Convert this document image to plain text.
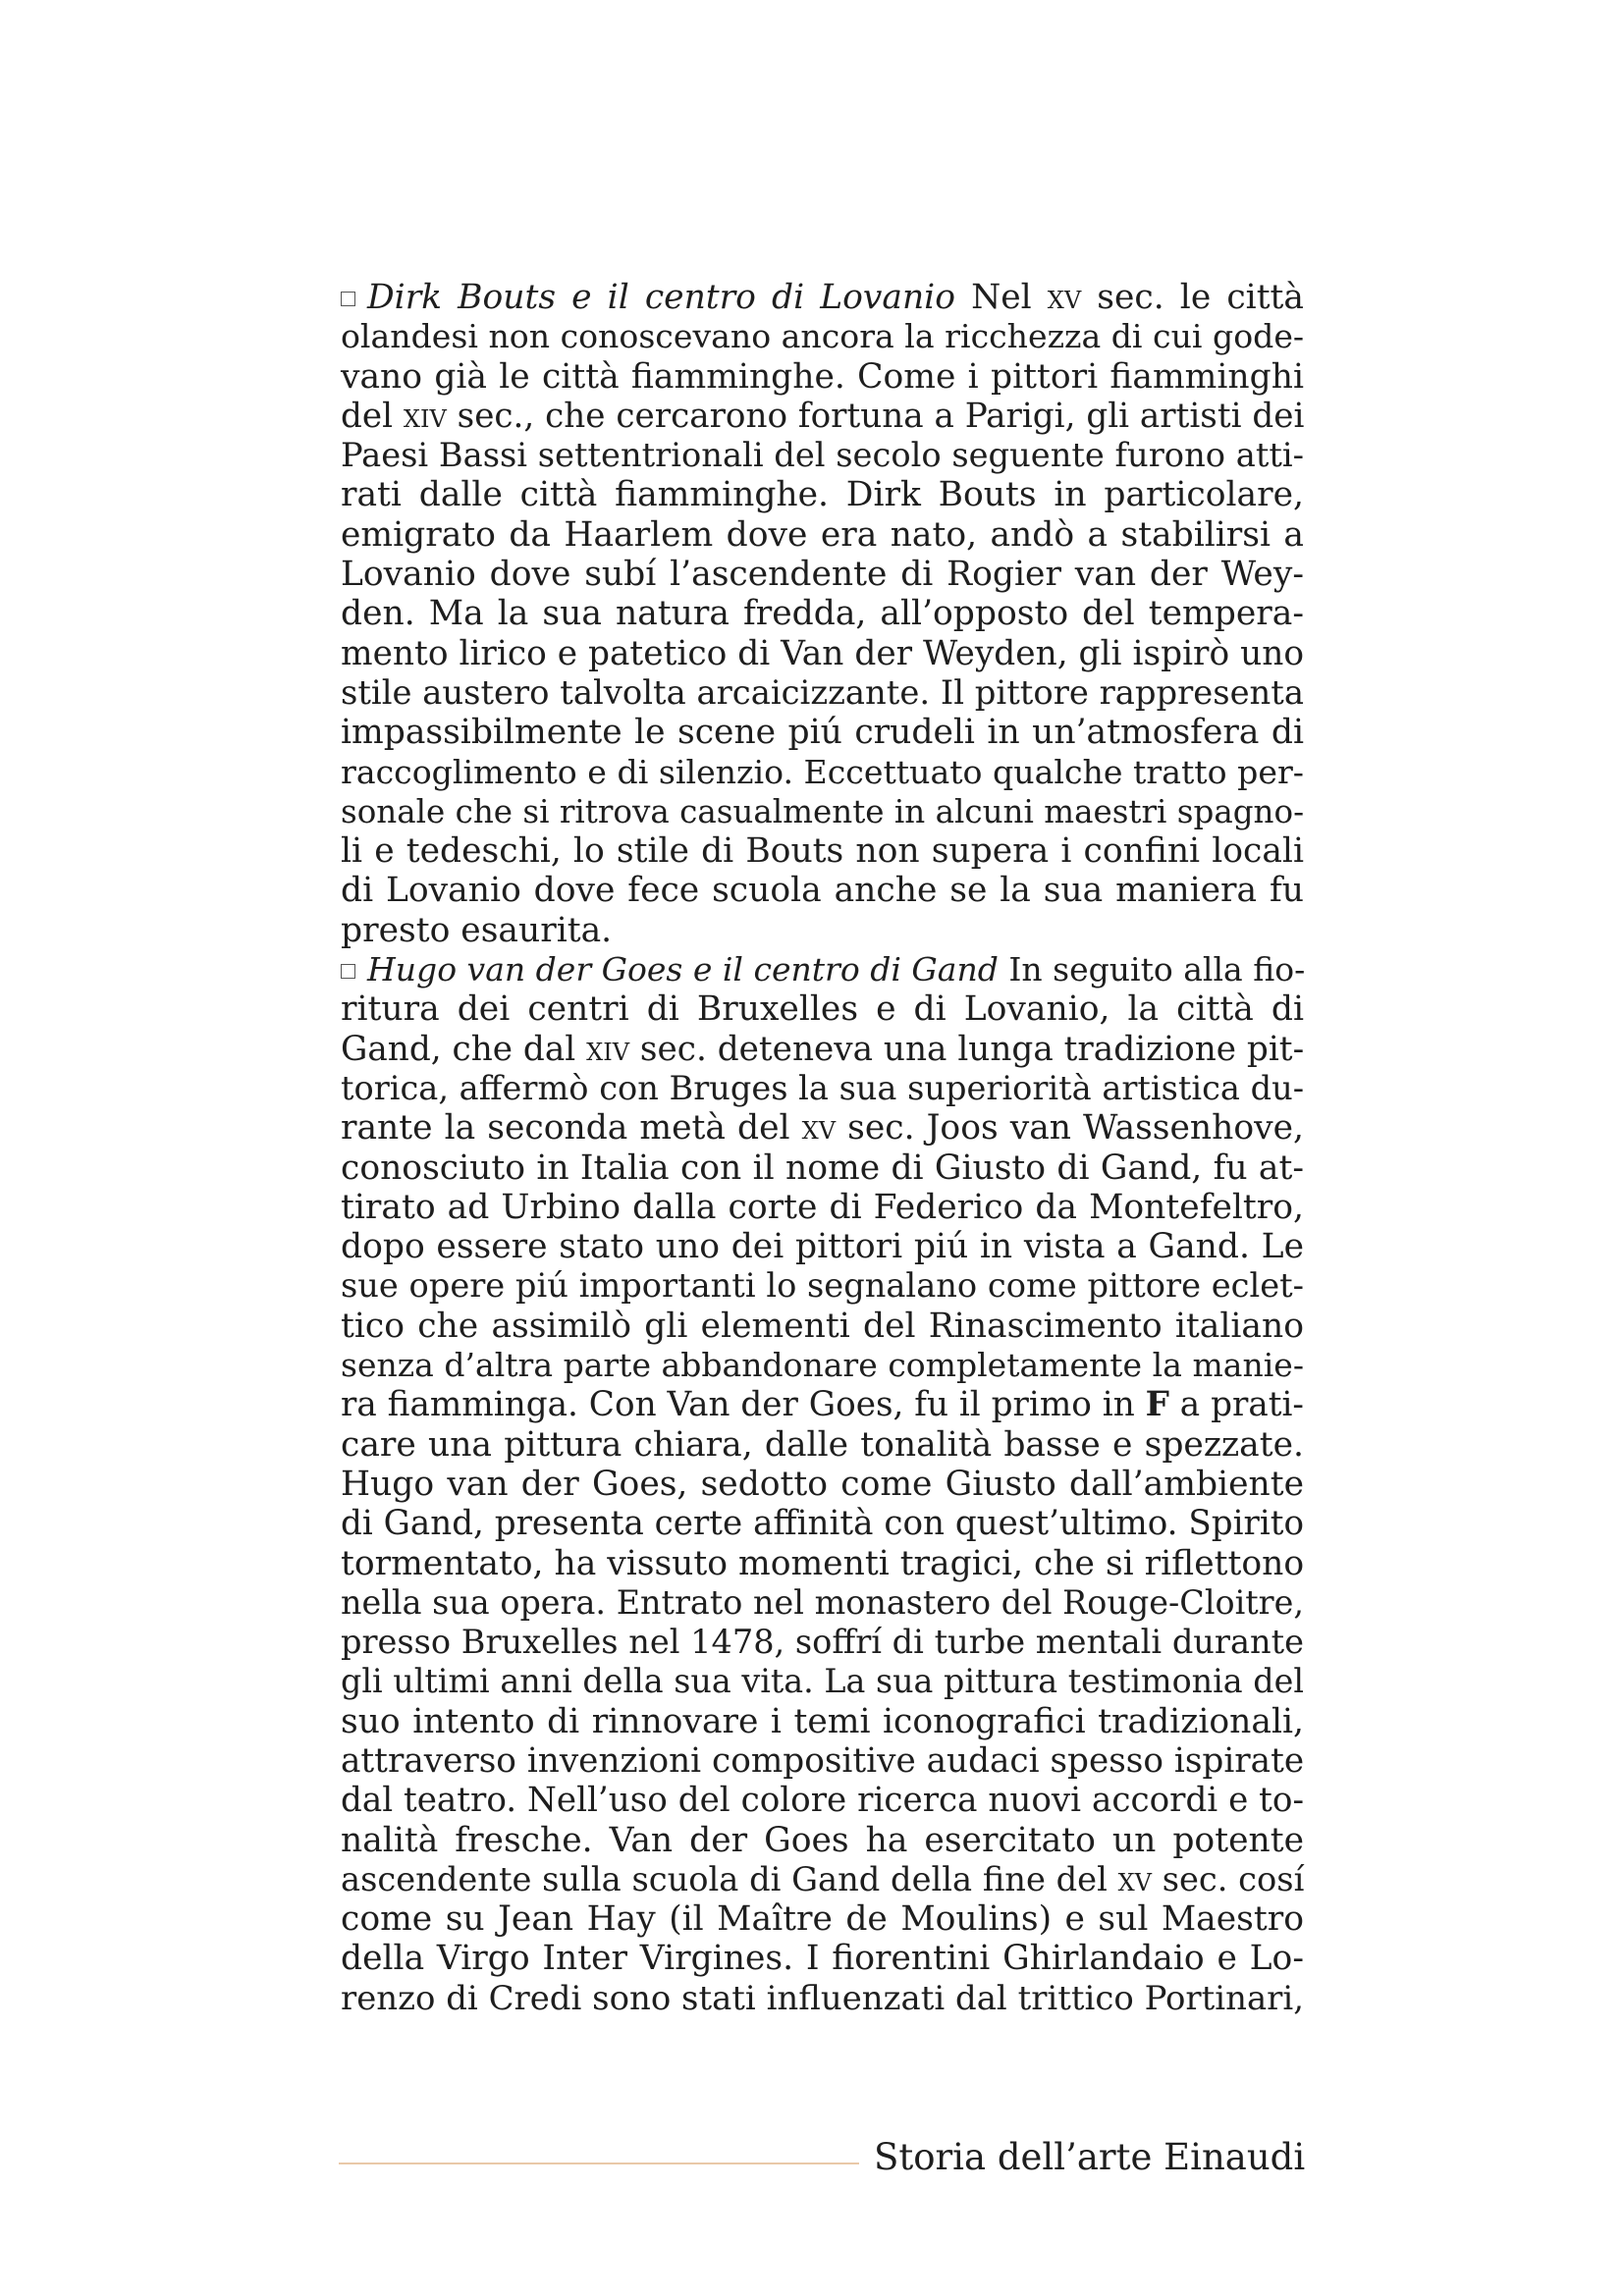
Dirk Bouts e il centro di Lovanio Nel xv sec. le città
olandesi non conoscevano ancora la ricchezza di cui gode-
vano già le città fiamminghe. Come i pittori fiamminghi
del xiv sec., che cercarono fortuna a Parigi, gli artisti dei
Paesi Bassi settentrionali del secolo seguente furono atti-
rati dalle città fiamminghe. Dirk Bouts in particolare,
emigrato da Haarlem dove era nato, andò a stabilirsi a
Lovanio dove subí l’ascendente di Rogier van der Wey-
den. Ma la sua natura fredda, all’opposto del tempera-
mento lirico e patetico di Van der Weyden, gli ispirò uno
stile austero talvolta arcaicizzante. Il pittore rappresenta
impassibilmente le scene piú crudeli in un’atmosfera di
raccoglimento e di silenzio. Eccettuato qualche tratto per-
sonale che si ritrova casualmente in alcuni maestri spagno-
li e tedeschi, lo stile di Bouts non supera i confini locali
di Lovanio dove fece scuola anche se la sua maniera fu
presto esaurita.
Hugo van der Goes e il centro di Gand In seguito alla fio-
ritura dei centri di Bruxelles e di Lovanio, la città di
Gand, che dal xiv sec. deteneva una lunga tradizione pit-
torica, affermò con Bruges la sua superiorità artistica du-
rante la seconda metà del xv sec. Joos van Wassenhove,
conosciuto in Italia con il nome di Giusto di Gand, fu at-
tirato ad Urbino dalla corte di Federico da Montefeltro,
dopo essere stato uno dei pittori piú in vista a Gand. Le
sue opere piú importanti lo segnalano come pittore eclet-
tico che assimilò gli elementi del Rinascimento italiano
senza d’altra parte abbandonare completamente la manie-
ra fiamminga. Con Van der Goes, fu il primo in F a prati-
care una pittura chiara, dalle tonalità basse e spezzate.
Hugo van der Goes, sedotto come Giusto dall’ambiente
di Gand, presenta certe affinità con quest’ultimo. Spirito
tormentato, ha vissuto momenti tragici, che si riflettono
nella sua opera. Entrato nel monastero del Rouge-Cloitre,
presso Bruxelles nel 1478, soffrí di turbe mentali durante
gli ultimi anni della sua vita. La sua pittura testimonia del
suo intento di rinnovare i temi iconografici tradizionali,
attraverso invenzioni compositive audaci spesso ispirate
dal teatro. Nell’uso del colore ricerca nuovi accordi e to-
nalità fresche. Van der Goes ha esercitato un potente
ascendente sulla scuola di Gand della fine del xv sec. cosí
come su Jean Hay (il Maître de Moulins) e sul Maestro
della Virgo Inter Virgines. I fiorentini Ghirlandaio e Lo-
renzo di Credi sono stati influenzati dal trittico Portinari,
Storia dell’arte Einaudi
